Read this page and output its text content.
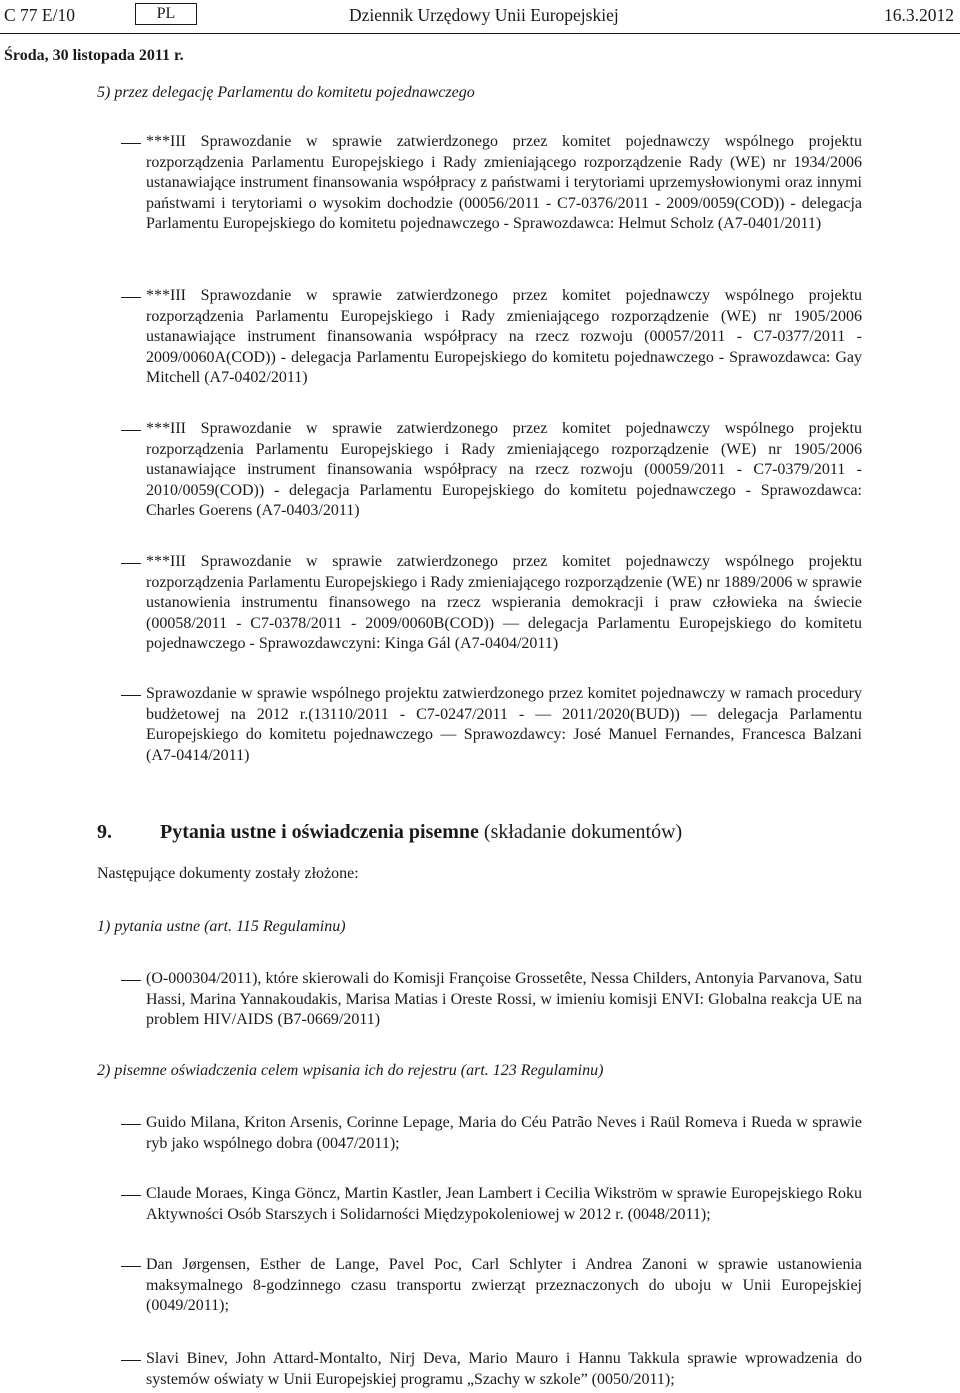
C 77 E/10	PL	Dziennik Urzędowy Unii Europejskiej	16.3.2012
Środa, 30 listopada 2011 r.
5) przez delegację Parlamentu do komitetu pojednawczego

***III Sprawozdanie w sprawie zatwierdzonego przez komitet pojednawczy wspólnego projektu rozporządzenia Parlamentu Europejskiego i Rady zmieniającego rozporządzenie Rady (WE) nr 1934/2006 ustanawiające instrument finansowania współpracy z państwami i terytoriami uprzemysłowionymi oraz innymi państwami i terytoriami o wysokim dochodzie (00056/2011 - C7-0376/2011 - 2009/0059(COD)) - delegacja Parlamentu Europejskiego do komitetu pojednawczego - Sprawozdawca: Helmut Scholz (A7-0401/2011)

***III Sprawozdanie w sprawie zatwierdzonego przez komitet pojednawczy wspólnego projektu rozporządzenia Parlamentu Europejskiego i Rady zmieniającego rozporządzenie (WE) nr 1905/2006 ustanawiające instrument finansowania współpracy na rzecz rozwoju (00057/2011 - C7-0377/2011 - 2009/0060A(COD)) - delegacja Parlamentu Europejskiego do komitetu pojednawczego - Sprawozdawca: Gay Mitchell (A7-0402/2011)

***III Sprawozdanie w sprawie zatwierdzonego przez komitet pojednawczy wspólnego projektu rozporządzenia Parlamentu Europejskiego i Rady zmieniającego rozporządzenie (WE) nr 1905/2006 ustanawiające instrument finansowania współpracy na rzecz rozwoju (00059/2011 - C7-0379/2011 - 2010/0059(COD)) - delegacja Parlamentu Europejskiego do komitetu pojednawczego - Sprawozdawca: Charles Goerens (A7-0403/2011)

***III Sprawozdanie w sprawie zatwierdzonego przez komitet pojednawczy wspólnego projektu rozporządzenia Parlamentu Europejskiego i Rady zmieniającego rozporządzenie (WE) nr 1889/2006 w sprawie ustanowienia instrumentu finansowego na rzecz wspierania demokracji i praw człowieka na świecie (00058/2011 - C7-0378/2011 - 2009/0060B(COD)) — delegacja Parlamentu Europejskiego do komitetu pojednawczego - Sprawozdawczyni: Kinga Gál (A7-0404/2011)

Sprawozdanie w sprawie wspólnego projektu zatwierdzonego przez komitet pojednawczy w ramach procedury budżetowej na 2012 r.(13110/2011 - C7-0247/2011 - — 2011/2020(BUD)) — delegacja Parlamentu Europejskiego do komitetu pojednawczego — Sprawozdawcy: José Manuel Fernandes, Francesca Balzani (A7-0414/2011)

9. Pytania ustne i oświadczenia pisemne (składanie dokumentów)
Następujące dokumenty zostały złożone:
1) pytania ustne (art. 115 Regulaminu)

(O-000304/2011), które skierowali do Komisji Françoise Grossetête, Nessa Childers, Antonyia Parvanova, Satu Hassi, Marina Yannakoudakis, Marisa Matias i Oreste Rossi, w imieniu komisji ENVI: Globalna reakcja UE na problem HIV/AIDS (B7-0669/2011)

2) pisemne oświadczenia celem wpisania ich do rejestru (art. 123 Regulaminu)

Guido Milana, Kriton Arsenis, Corinne Lepage, Maria do Céu Patrão Neves i Raül Romeva i Rueda w sprawie ryb jako wspólnego dobra (0047/2011);

Claude Moraes, Kinga Göncz, Martin Kastler, Jean Lambert i Cecilia Wikström w sprawie Europejskiego Roku Aktywności Osób Starszych i Solidarności Międzypokoleniowej w 2012 r. (0048/2011);

Dan Jørgensen, Esther de Lange, Pavel Poc, Carl Schlyter i Andrea Zanoni w sprawie ustanowienia maksymalnego 8-godzinnego czasu transportu zwierząt przeznaczonych do uboju w Unii Europejskiej (0049/2011);

Slavi Binev, John Attard-Montalto, Nirj Deva, Mario Mauro i Hannu Takkula sprawie wprowadzenia do systemów oświaty w Unii Europejskiej programu „Szachy w szkole” (0050/2011);
